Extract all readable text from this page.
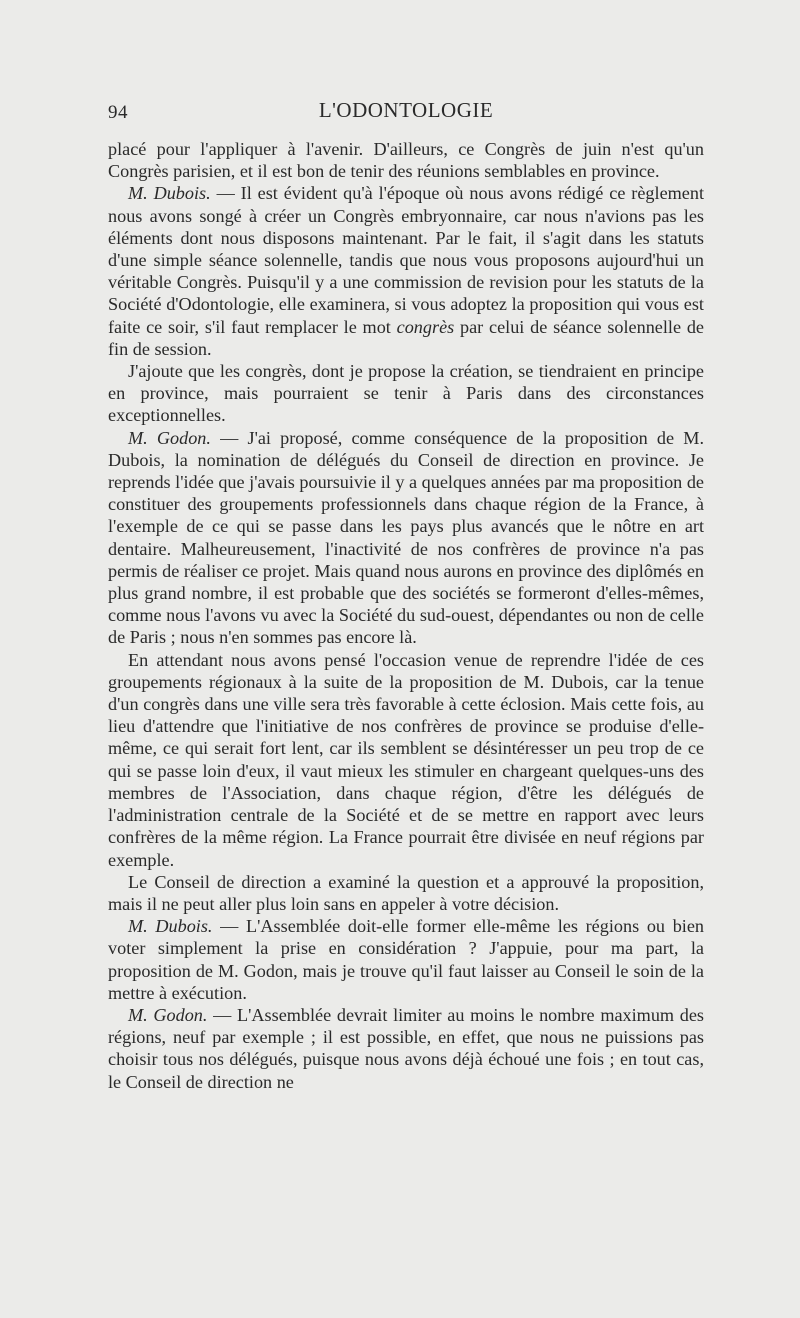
94	L'ODONTOLOGIE

placé pour l'appliquer à l'avenir. D'ailleurs, ce Congrès de juin n'est qu'un Congrès parisien, et il est bon de tenir des réunions semblables en province.

M. Dubois. — Il est évident qu'à l'époque où nous avons rédigé ce règlement nous avons songé à créer un Congrès embryonnaire, car nous n'avions pas les éléments dont nous disposons maintenant. Par le fait, il s'agit dans les statuts d'une simple séance solennelle, tandis que nous vous proposons aujourd'hui un véritable Congrès. Puisqu'il y a une commission de revision pour les statuts de la Société d'Odontologie, elle examinera, si vous adoptez la proposition qui vous est faite ce soir, s'il faut remplacer le mot congrès par celui de séance solennelle de fin de session.

J'ajoute que les congrès, dont je propose la création, se tiendraient en principe en province, mais pourraient se tenir à Paris dans des circonstances exceptionnelles.

M. Godon. — J'ai proposé, comme conséquence de la proposition de M. Dubois, la nomination de délégués du Conseil de direction en province. Je reprends l'idée que j'avais poursuivie il y a quelques années par ma proposition de constituer des groupements professionnels dans chaque région de la France, à l'exemple de ce qui se passe dans les pays plus avancés que le nôtre en art dentaire. Malheureusement, l'inactivité de nos confrères de province n'a pas permis de réaliser ce projet. Mais quand nous aurons en province des diplômés en plus grand nombre, il est probable que des sociétés se formeront d'elles-mêmes, comme nous l'avons vu avec la Société du sud-ouest, dépendantes ou non de celle de Paris ; nous n'en sommes pas encore là.

En attendant nous avons pensé l'occasion venue de reprendre l'idée de ces groupements régionaux à la suite de la proposition de M. Dubois, car la tenue d'un congrès dans une ville sera très favorable à cette éclosion. Mais cette fois, au lieu d'attendre que l'initiative de nos confrères de province se produise d'elle-même, ce qui serait fort lent, car ils semblent se désintéresser un peu trop de ce qui se passe loin d'eux, il vaut mieux les stimuler en chargeant quelques-uns des membres de l'Association, dans chaque région, d'être les délégués de l'administration centrale de la Société et de se mettre en rapport avec leurs confrères de la même région. La France pourrait être divisée en neuf régions par exemple.

Le Conseil de direction a examiné la question et a approuvé la proposition, mais il ne peut aller plus loin sans en appeler à votre décision.

M. Dubois. — L'Assemblée doit-elle former elle-même les régions ou bien voter simplement la prise en considération ? J'appuie, pour ma part, la proposition de M. Godon, mais je trouve qu'il faut laisser au Conseil le soin de la mettre à exécution.

M. Godon. — L'Assemblée devrait limiter au moins le nombre maximum des régions, neuf par exemple ; il est possible, en effet, que nous ne puissions pas choisir tous nos délégués, puisque nous avons déjà échoué une fois ; en tout cas, le Conseil de direction ne
